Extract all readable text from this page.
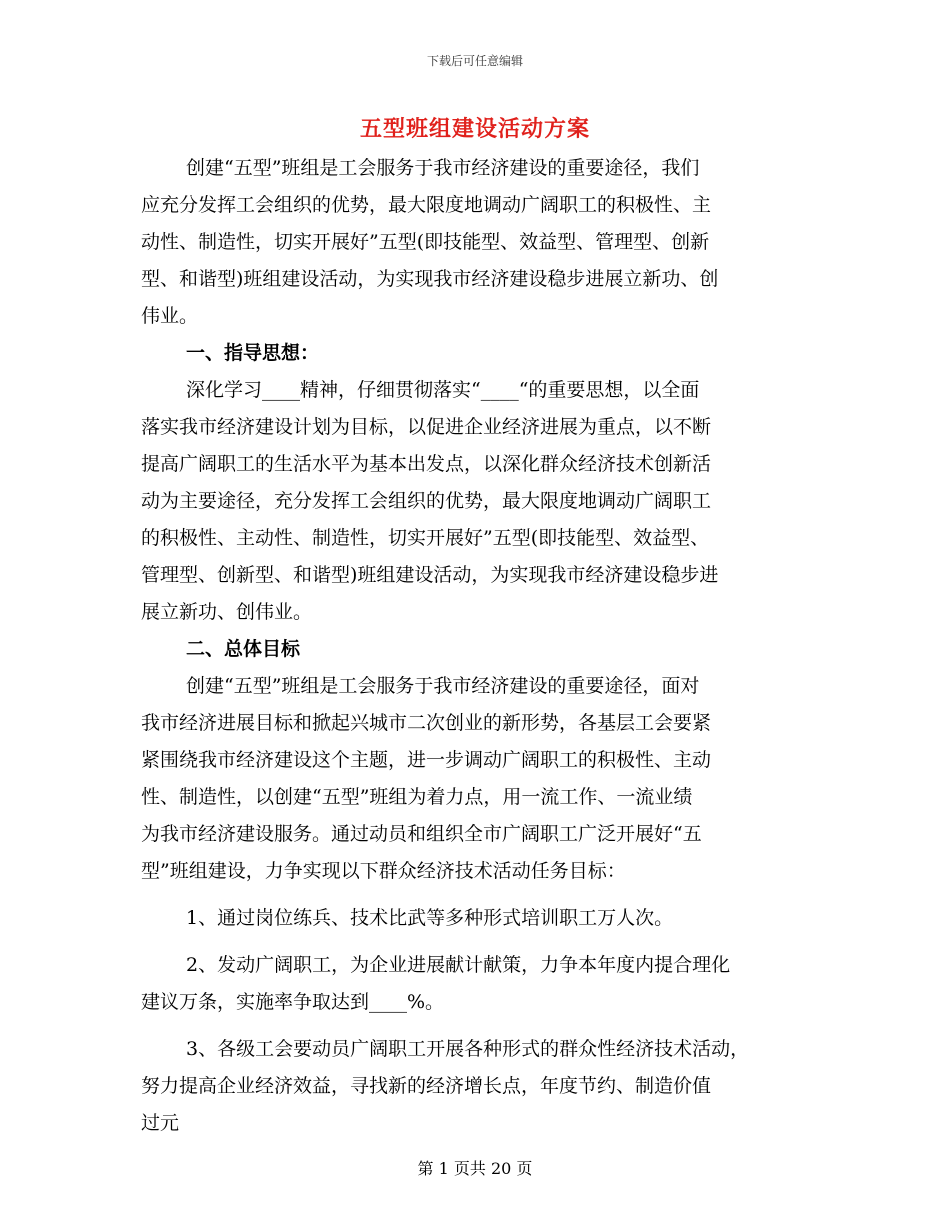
下载后可任意编辑
五型班组建设活动方案
创建“五型”班组是工会服务于我市经济建设的重要途径，我们
应充分发挥工会组织的优势，最大限度地调动广阔职工的积极性、主
动性、制造性，切实开展好”五型(即技能型、效益型、管理型、创新
型、和谐型)班组建设活动，为实现我市经济建设稳步进展立新功、创
伟业。
一、指导思想：
深化学习____精神，仔细贯彻落实“____“的重要思想，以全面
落实我市经济建设计划为目标，以促进企业经济进展为重点，以不断
提高广阔职工的生活水平为基本出发点，以深化群众经济技术创新活
动为主要途径，充分发挥工会组织的优势，最大限度地调动广阔职工
的积极性、主动性、制造性，切实开展好”五型(即技能型、效益型、
管理型、创新型、和谐型)班组建设活动，为实现我市经济建设稳步进
展立新功、创伟业。
二、总体目标
创建“五型”班组是工会服务于我市经济建设的重要途径，面对
我市经济进展目标和掀起兴城市二次创业的新形势，各基层工会要紧
紧围绕我市经济建设这个主题，进一步调动广阔职工的积极性、主动
性、制造性，以创建“五型”班组为着力点，用一流工作、一流业绩
为我市经济建设服务。通过动员和组织全市广阔职工广泛开展好“五
型”班组建设，力争实现以下群众经济技术活动任务目标：
1、通过岗位练兵、技术比武等多种形式培训职工万人次。
2、发动广阔职工，为企业进展献计献策，力争本年度内提合理化
建议万条，实施率争取达到____%。
3、各级工会要动员广阔职工开展各种形式的群众性经济技术活动，
努力提高企业经济效益，寻找新的经济增长点，年度节约、制造价值
过元
第 1 页共 20 页
